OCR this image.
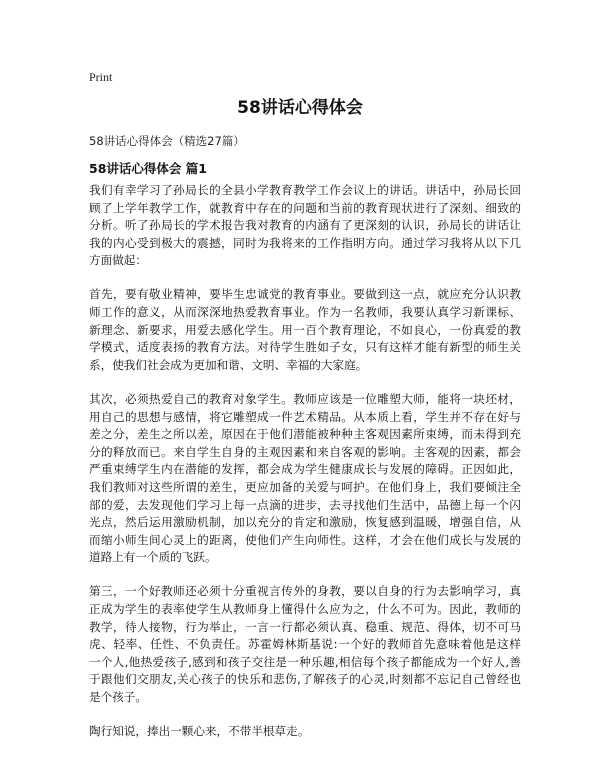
Print
58讲话心得体会

58讲话心得体会（精选27篇）

58讲话心得体会 篇1

我们有幸学习了孙局长的全县小学教育教学工作会议上的讲话。讲话中，孙局长回
顾了上学年教学工作，就教育中存在的问题和当前的教育现状进行了深刻、细致的
分析。听了孙局长的学术报告我对教育的内涵有了更深刻的认识，孙局长的讲话让
我的内心受到极大的震撼，同时为我将来的工作指明方向。通过学习我将从以下几
方面做起：

首先，要有敬业精神，要毕生忠诚党的教育事业。要做到这一点，就应充分认识教
师工作的意义，从而深深地热爱教育事业。作为一名教师，我要认真学习新课标、
新理念、新要求，用爱去感化学生。用一百个教育理论，不如良心，一份真爱的教
学模式，适度表扬的教育方法。对待学生胜如子女，只有这样才能有新型的师生关
系，使我们社会成为更加和谐、文明、幸福的大家庭。

其次，必须热爱自己的教育对象学生。教师应该是一位雕塑大师，能将一块坯材，
用自己的思想与感情，将它雕塑成一件艺术精品。从本质上看，学生并不存在好与
差之分，差生之所以差，原因在于他们潜能被种种主客观因素所束缚，而未得到充
分的释放而已。来自学生自身的主观因素和来自客观的影响。主客观的因素，都会
严重束缚学生内在潜能的发挥，都会成为学生健康成长与发展的障碍。正因如此，
我们教师对这些所谓的差生，更应加备的关爱与呵护。在他们身上，我们要倾注全
部的爱，去发现他们学习上每一点滴的进步，去寻找他们生活中，品德上每一个闪
光点，然后运用激励机制，加以充分的肯定和激励，恢复感到温暖，增强自信，从
而缩小师生间心灵上的距离，使他们产生向师性。这样，才会在他们成长与发展的
道路上有一个质的飞跃。

第三，一个好教师还必须十分重视言传外的身教，要以自身的行为去影响学习，真
正成为学生的表率使学生从教师身上懂得什么应为之，什么不可为。因此，教师的
教学，待人接物，行为举止，一言一行都必须认真、稳重、规范、得体，切不可马
虎、轻率、任性、不负责任。苏霍姆林斯基说:一个好的教师首先意味着他是这样
一个人,他热爱孩子,感到和孩子交往是一种乐趣,相信每个孩子都能成为一个好人,善
于跟他们交朋友,关心孩子的快乐和悲伤,了解孩子的心灵,时刻都不忘记自己曾经也
是个孩子。

陶行知说，捧出一颗心来，不带半根草走。
